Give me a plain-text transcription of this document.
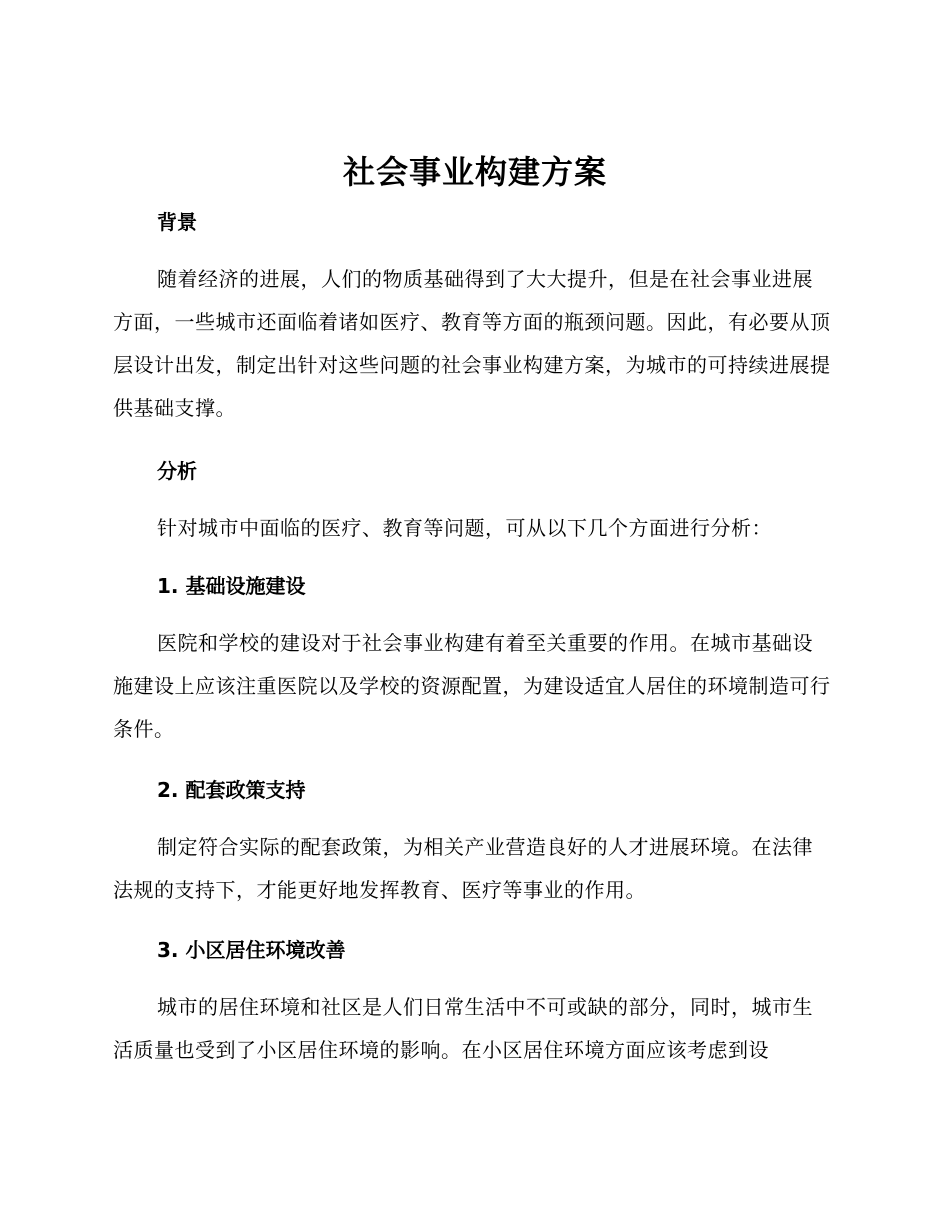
社会事业构建方案
背景
随着经济的进展，人们的物质基础得到了大大提升，但是在社会事业进展方面，一些城市还面临着诸如医疗、教育等方面的瓶颈问题。因此，有必要从顶层设计出发，制定出针对这些问题的社会事业构建方案，为城市的可持续进展提供基础支撑。
分析
针对城市中面临的医疗、教育等问题，可从以下几个方面进行分析：
1. 基础设施建设
医院和学校的建设对于社会事业构建有着至关重要的作用。在城市基础设施建设上应该注重医院以及学校的资源配置，为建设适宜人居住的环境制造可行条件。
2. 配套政策支持
制定符合实际的配套政策，为相关产业营造良好的人才进展环境。在法律法规的支持下，才能更好地发挥教育、医疗等事业的作用。
3. 小区居住环境改善
城市的居住环境和社区是人们日常生活中不可或缺的部分，同时，城市生活质量也受到了小区居住环境的影响。在小区居住环境方面应该考虑到设
